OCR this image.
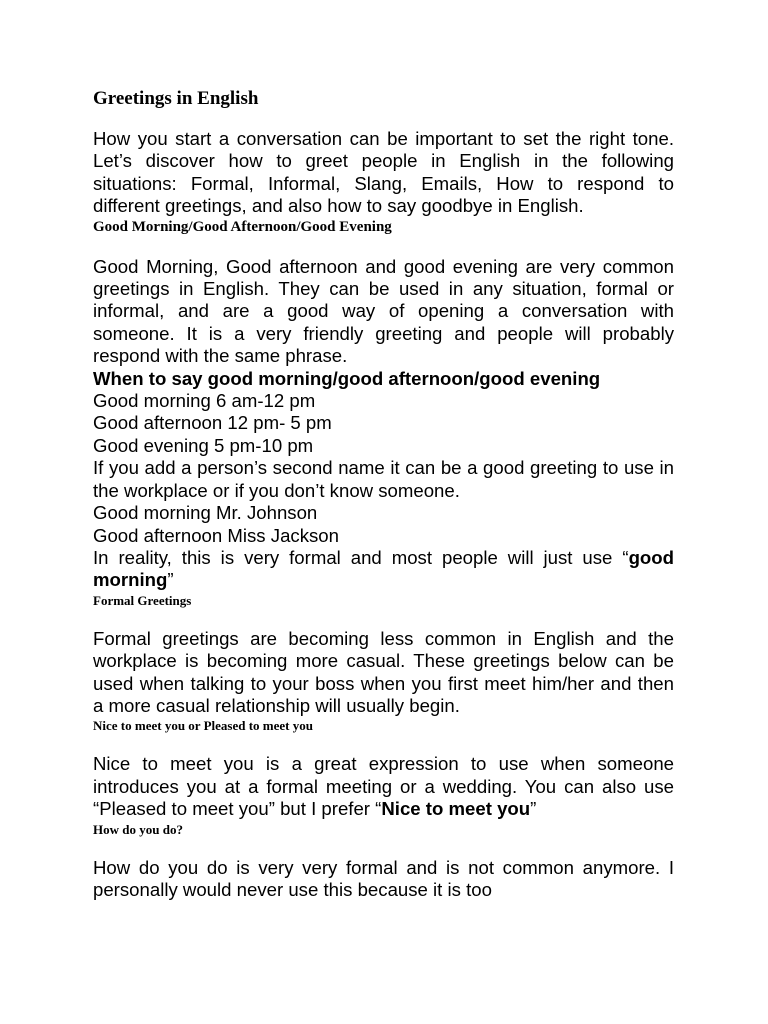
Greetings in English

How you start a conversation can be important to set the right tone. Let’s discover how to greet people in English in the following situations: Formal, Informal, Slang, Emails, How to respond to different greetings, and also how to say goodbye in English.

Good Morning/Good Afternoon/Good Evening

Good Morning, Good afternoon and good evening are very common greetings in English. They can be used in any situation, formal or informal, and are a good way of opening a conversation with someone. It is a very friendly greeting and people will probably respond with the same phrase.

When to say good morning/good afternoon/good evening
Good morning 6 am-12 pm
Good afternoon 12 pm- 5 pm
Good evening 5 pm-10 pm

If you add a person’s second name it can be a good greeting to use in the workplace or if you don’t know someone.

Good morning Mr. Johnson
Good afternoon Miss Jackson

In reality, this is very formal and most people will just use “good morning”

Formal Greetings

Formal greetings are becoming less common in English and the workplace is becoming more casual. These greetings below can be used when talking to your boss when you first meet him/her and then a more casual relationship will usually begin.

Nice to meet you or Pleased to meet you

Nice to meet you is a great expression to use when someone introduces you at a formal meeting or a wedding. You can also use “Pleased to meet you” but I prefer “Nice to meet you”

How do you do?

How do you do is very very formal and is not common anymore. I personally would never use this because it is too
